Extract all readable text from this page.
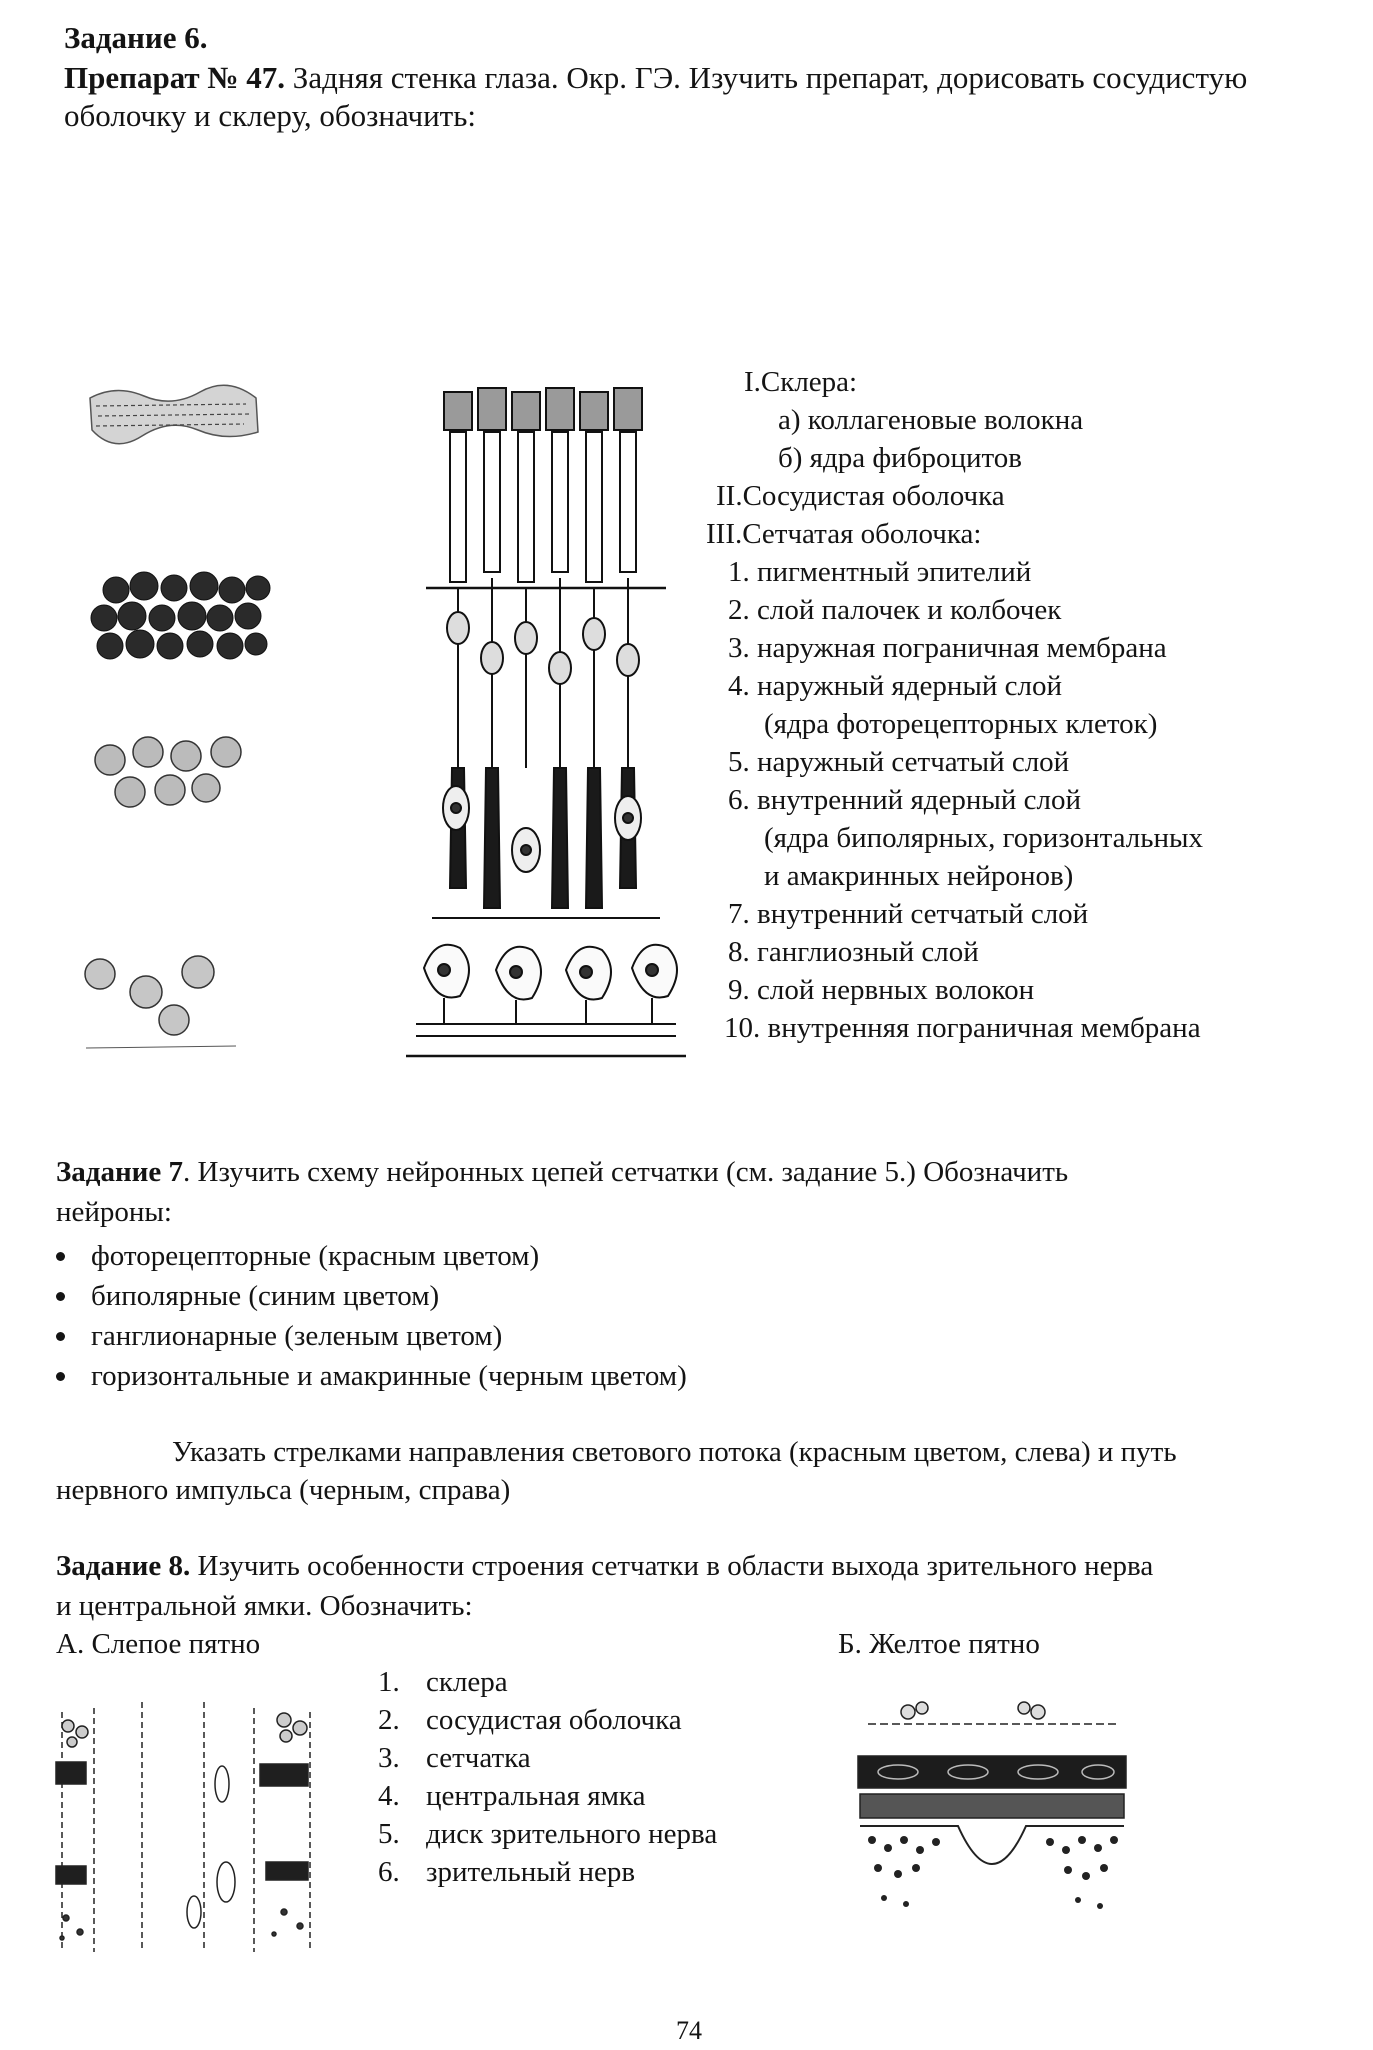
Задание 6.
Препарат № 47. Задняя стенка глаза. Окр. ГЭ. Изучить препарат, дорисовать сосудистую
оболочку и склеру, обозначить:
I.Склера:
а) коллагеновые волокна
б) ядра фиброцитов
II.Сосудистая оболочка
III.Сетчатая оболочка:
1. пигментный эпителий
2. слой палочек и колбочек
3. наружная пограничная мембрана
4. наружный ядерный слой
(ядра фоторецепторных клеток)
5. наружный сетчатый слой
6. внутренний ядерный слой
(ядра биполярных, горизонтальных
и амакринных нейронов)
7. внутренний сетчатый слой
8. ганглиозный слой
9. слой нервных волокон
10. внутренняя пограничная мембрана
Задание 7. Изучить схему нейронных цепей сетчатки (см. задание 5.) Обозначить
нейроны:
фоторецепторные (красным цветом)
биполярные (синим цветом)
ганглионарные (зеленым цветом)
горизонтальные и амакринные (черным цветом)
Указать стрелками направления светового потока (красным цветом, слева) и путь
нервного импульса (черным, справа)
Задание 8. Изучить особенности строения сетчатки в области выхода зрительного нерва
и центральной ямки. Обозначить:
А. Слепое пятно	Б. Желтое пятно
1. склера
2. сосудистая оболочка
3. сетчатка
4. центральная ямка
5. диск зрительного нерва
6. зрительный нерв
74
